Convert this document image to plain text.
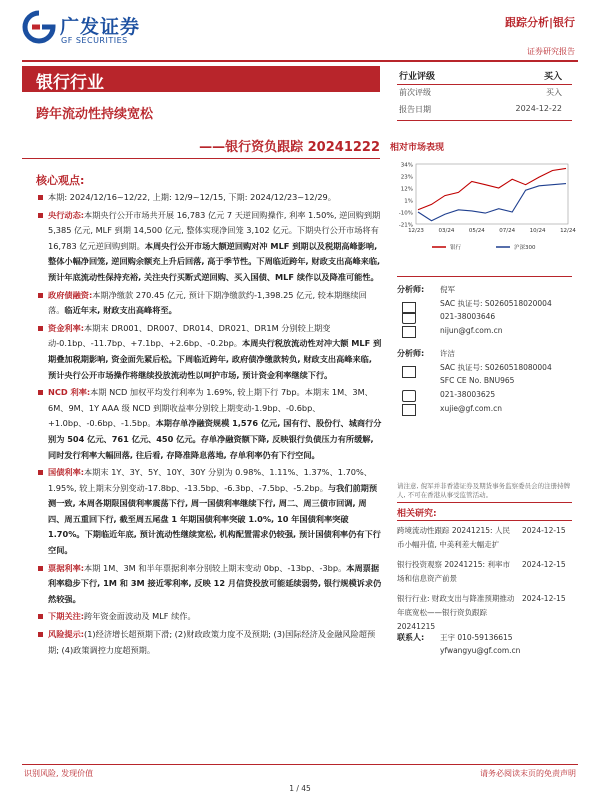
广发证券
GF SECURITIES
跟踪分析|银行
证券研究报告
银行行业
跨年流动性持续宽松
——银行资负跟踪 20241222
核心观点:
本期: 2024/12/16~12/22, 上期: 12/9~12/15, 下期: 2024/12/23~12/29。
央行动态:本期央行公开市场共开展 16,783 亿元 7 天逆回购操作, 利率 1.50%, 逆回购到期 5,385 亿元, MLF 到期 14,500 亿元, 整体实现净回笼 3,102 亿元。下期央行公开市场将有 16,783 亿元逆回购到期。本周央行公开市场大额逆回购对冲 MLF 到期以及税期高峰影响, 整体小幅净回笼, 逆回购余额充上升后回落, 高于季节性。下周临近跨年, 财政支出高峰来临, 预计年底流动性保持充裕, 关注央行买断式逆回购、买入国债、MLF 续作以及降准可能性。
政府债融资:本期净缴款 270.45 亿元, 预计下期净缴款约-1,398.25 亿元, 较本期继续回落。临近年末, 财政支出高峰将至。
资金利率:本期末 DR001、DR007、DR014、DR021、DR1M 分别较上期变动-0.1bp、-11.7bp、+7.1bp、+2.6bp、-0.2bp。本周央行税放流动性对冲大额 MLF 到期叠加税期影响, 资金面先紧后松。下周临近跨年, 政府债净缴款转负, 财政支出高峰来临, 预计央行公开市场操作将继续投放流动性以呵护市场, 预计资金利率继续下行。
NCD 利率:本期 NCD 加权平均发行利率为 1.69%, 较上期下行 7bp。本期末 1M、3M、6M、9M、1Y AAA 级 NCD 到期收益率分别较上期变动-1.9bp、-0.6bp、+1.0bp、-0.6bp、-1.5bp。本期存单净融资规模 1,576 亿元, 国有行、股份行、城商行分别为 504 亿元、761 亿元、450 亿元。存单净融资额下降, 反映银行负债压力有所缓解, 同时发行利率大幅回落, 往后看, 存降准降息落地, 存单利率仍有下行空间。
国债利率:本期末 1Y、3Y、5Y、10Y、30Y 分别为 0.98%、1.11%、1.37%、1.70%、1.95%, 较上期末分别变动-17.8bp、-13.5bp、-6.3bp、-7.5bp、-5.2bp。与我们前期预测一致, 本周各期限国债利率震荡下行, 周一国债利率继续下行, 周二、周三债市回调, 周四、周五重回下行, 截至周五尾盘 1 年期国债利率突破 1.0%, 10 年国债利率突破 1.70%。下期临近年底, 预计流动性继续宽松, 机构配置需求仍较强, 预计国债利率仍有下行空间。
票据利率:本期 1M、3M 和半年票据利率分别较上期末变动 0bp、-13bp、-3bp。本周票据利率稳步下行, 1M 和 3M 接近零利率, 反映 12 月信贷投放可能延续弱势, 银行规模诉求仍然较强。
下期关注:跨年资金面波动及 MLF 续作。
风险提示:(1)经济增长超预期下滑; (2)财政政策力度不及预期; (3)国际经济及金融风险超预期; (4)政策调控力度超预期。
行业评级	买入
前次评级	买入
报告日期	2024-12-22
相对市场表现
34%
23%
12%
1%
-10%
-21%
12/23	03/24	05/24	07/24	10/24	12/24
银行	沪深300
分析师: 倪军
SAC 执证号: S0260518020004
021-38003646
nijun@gf.com.cn
分析师: 许洁
SAC 执证号: S0260518080004
SFC CE No. BNU965
021-38003625
xujie@gf.com.cn
请注意, 倪军并非香港证券及期货事务监察委员会的注册持牌人, 不可在香港从事受监管活动。
相关研究:
跨境流动性跟踪 20241215: 人民币小幅升值, 中美利差大幅走扩
2024-12-15
银行投资观察 20241215: 利率市场和信息资产前景
2024-12-15
银行行业: 财政支出与降准预期推动年底宽松——银行资负跟踪 20241215
2024-12-15
联系人: 王宇 010-59136615
yfwangyu@gf.com.cn
识别风险, 发现价值	请务必阅读末页的免责声明
1 / 45
